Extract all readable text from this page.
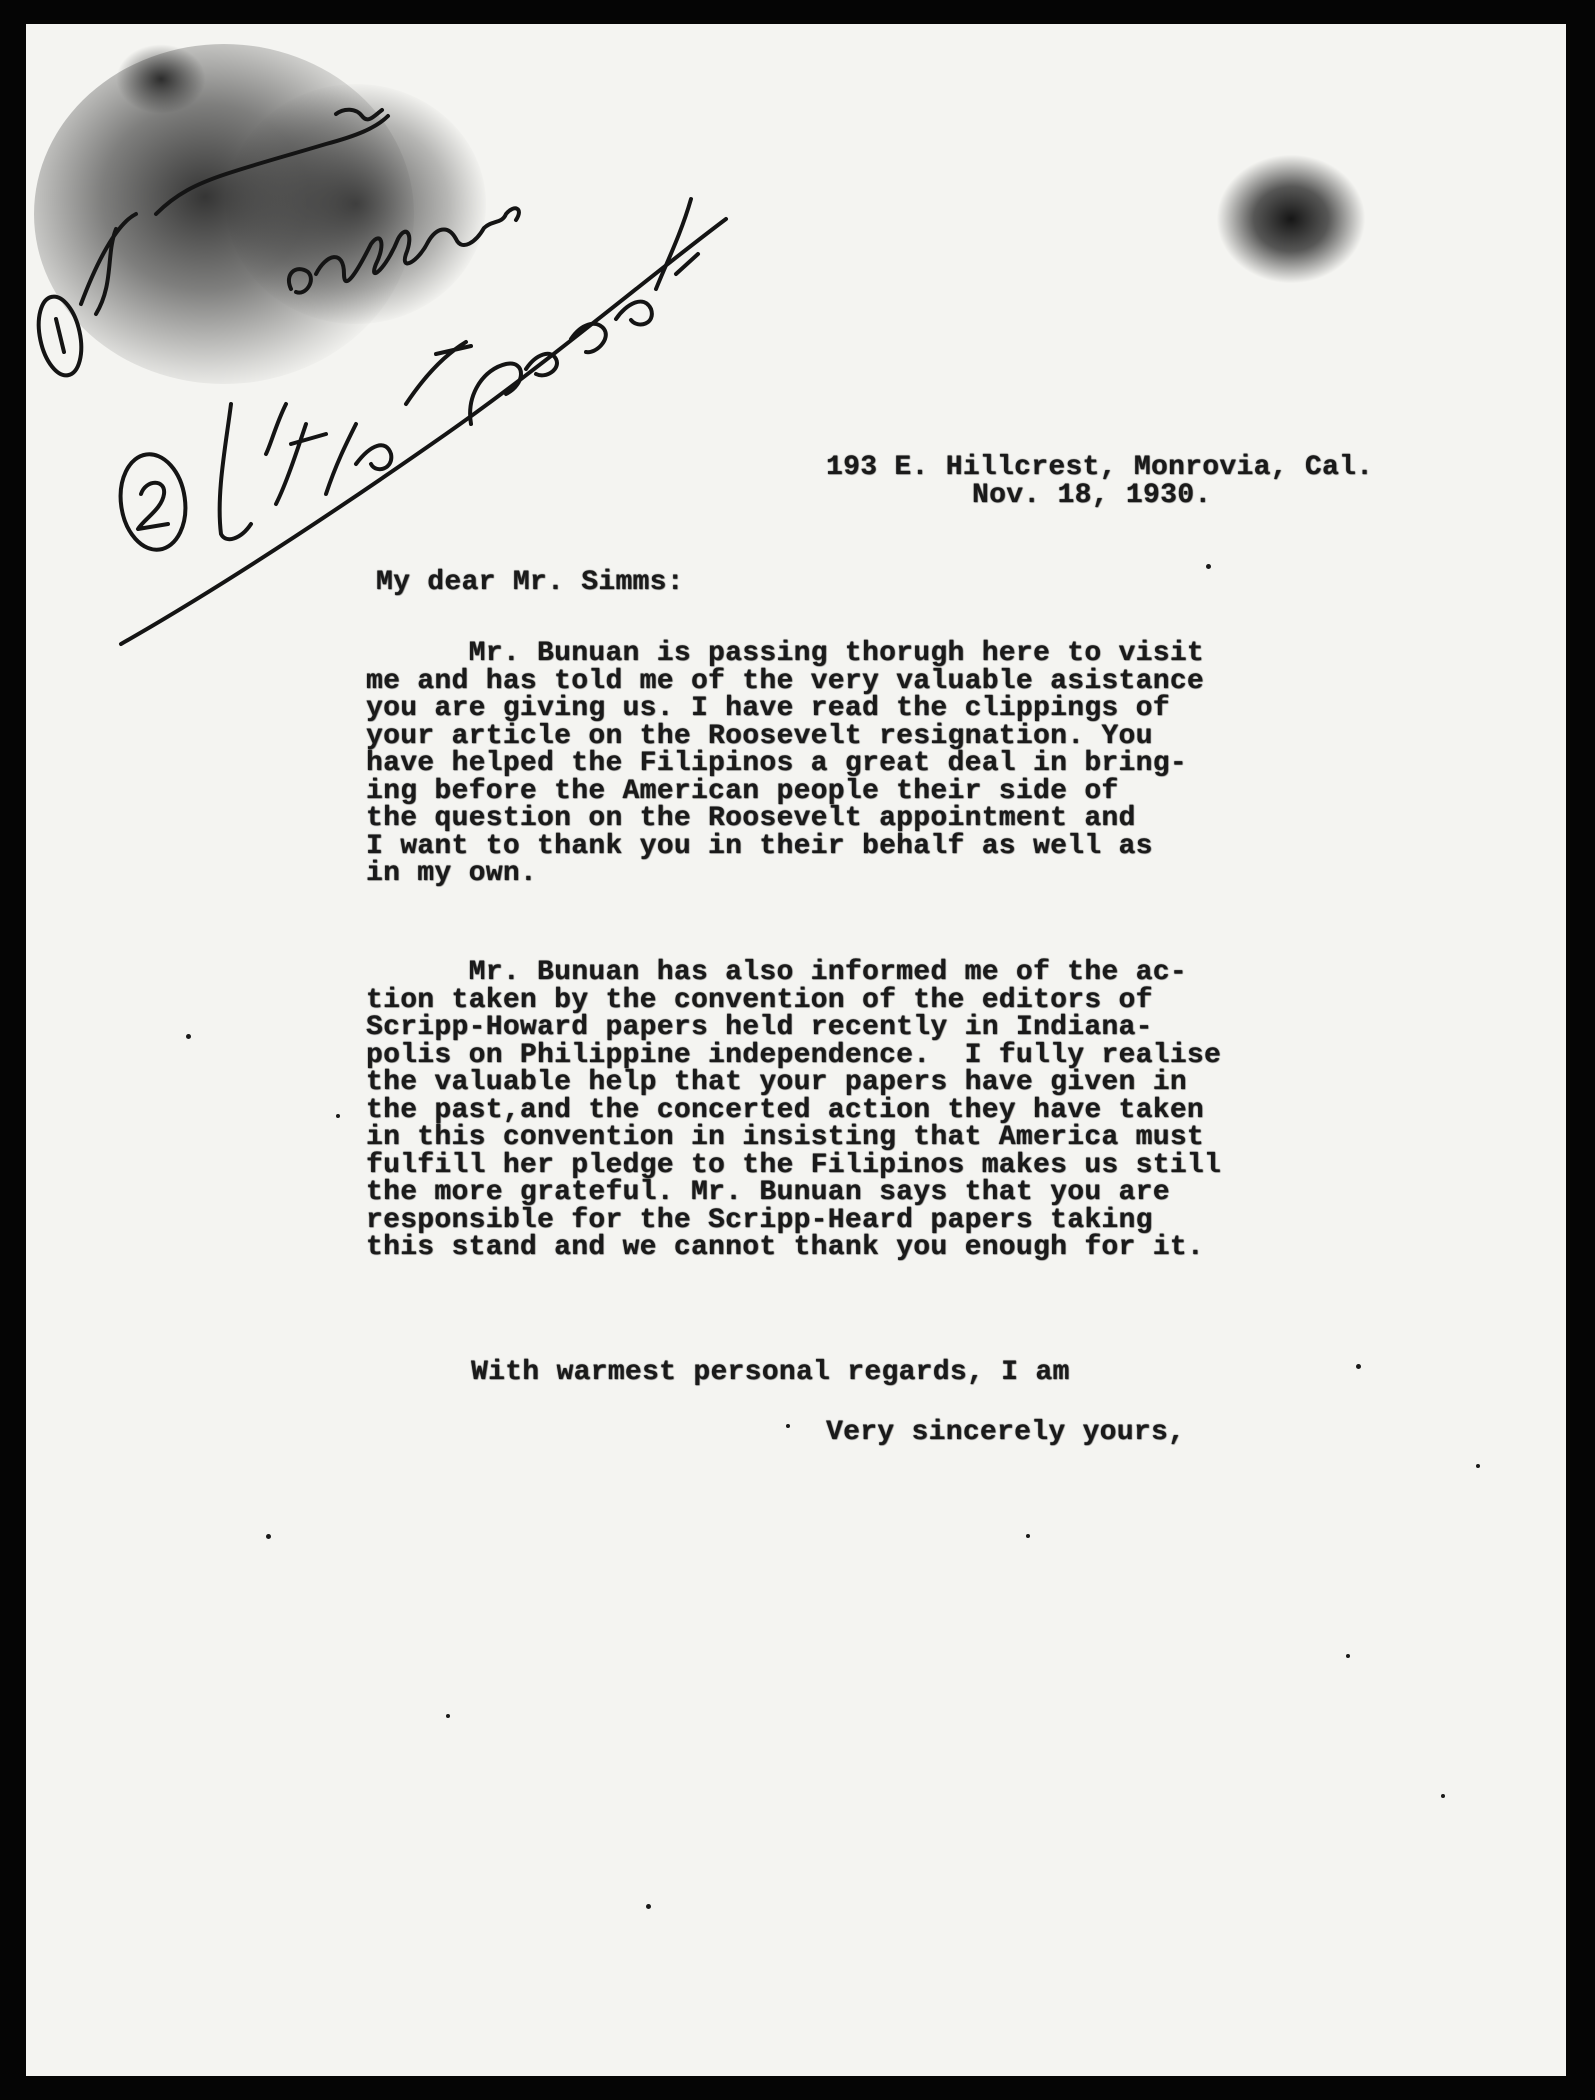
193 E. Hillcrest, Monrovia, Cal.
Nov. 18, 1930.
My dear Mr. Simms:
Mr. Bunuan is passing thorugh here to visit
me and has told me of the very valuable asistance
you are giving us. I have read the clippings of
your article on the Roosevelt resignation. You
have helped the Filipinos a great deal in bring-
ing before the American people their side of
the question on the Roosevelt appointment and
I want to thank you in their behalf as well as
in my own.
Mr. Bunuan has also informed me of the ac-
tion taken by the convention of the editors of
Scripp-Howard papers held recently in Indiana-
polis on Philippine independence.  I fully realise
the valuable help that your papers have given in
the past,and the concerted action they have taken
in this convention in insisting that America must
fulfill her pledge to the Filipinos makes us still
the more grateful. Mr. Bunuan says that you are
responsible for the Scripp-Heard papers taking
this stand and we cannot thank you enough for it.
With warmest personal regards, I am
Very sincerely yours,
